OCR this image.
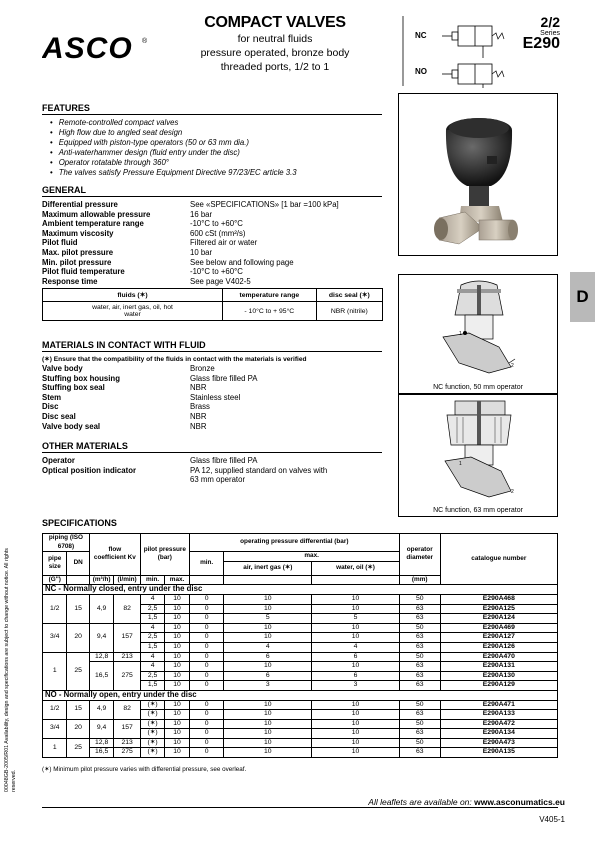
ASCO ®
COMPACT VALVES
for neutral fluids
pressure operated, bronze body
threaded ports, 1/2 to 1
NC
NO
2/2
Series
E290
FEATURES
• Remote-controlled compact valves
• High flow due to angled seat design
• Equipped with piston-type operators (50 or 63 mm dia.)
• Anti-waterhammer design (fluid entry under the disc)
• Operator rotatable through 360°
• The valves satisfy Pressure Equipment Directive 97/23/EC article 3.3
GENERAL
Differential pressure	See «SPECIFICATIONS» [1 bar =100 kPa]
Maximum allowable pressure	16 bar
Ambient temperature range	-10°C to +60°C
Maximum viscosity	600 cSt (mm²/s)
Pilot fluid	Filtered air or water
Max. pilot pressure	10 bar
Min. pilot pressure	See below and following page
Pilot fluid temperature	-10°C to +60°C
Response time	See page V402-5
fluids (✶)	temperature range	disc seal (✶)
water, air, inert gas, oil, hot water	- 10°C to + 95°C	NBR (nitrile)
MATERIALS IN CONTACT WITH FLUID
(✶) Ensure that the compatibility of the fluids in contact with the materials is verified
Valve body	Bronze
Stuffing box housing	Glass fibre filled PA
Stuffing box seal	NBR
Stem	Stainless steel
Disc	Brass
Disc seal	NBR
Valve body seal	NBR
OTHER MATERIALS
Operator	Glass fibre filled PA
Optical position indicator	PA 12, supplied standard on valves with 63 mm operator
D
1
2
NC function, 50 mm operator
1
2
NC function, 63 mm operator
SPECIFICATIONS
piping (ISO 6708)		flow coefficient Kv		pilot pressure (bar)		operating pressure differential (bar)			operator diameter	catalogue number
pipe size	DN					min.	max.			
							air, inert gas (✶)	water, oil (✶)		
(G")		(m³/h)	(l/min)	min.	max.				(mm)	
NC - Normally closed, entry under the disc										
1/2	15	4,9	82	4	10	0	10	10	50	E290A468
				2,5	10	0	10	10	63	E290A125
				1,5	10	0	5	5	63	E290A124
3/4	20	9,4	157	4	10	0	10	10	50	E290A469
				2,5	10	0	10	10	63	E290A127
				1,5	10	0	4	4	63	E290A126
1	25	12,8	213	4	10	0	6	6	50	E290A470
		16,5	275	4	10	0	10	10	63	E290A131
				2,5	10	0	6	6	63	E290A130
				1,5	10	0	3	3	63	E290A129
NO - Normally open, entry under the disc										
1/2	15	4,9	82	(✶)	10	0	10	10	50	E290A471
				(✶)	10	0	10	10	63	E290A133
3/4	20	9,4	157	(✶)	10	0	10	10	50	E290A472
				(✶)	10	0	10	10	63	E290A134
1	25	12,8	213	(✶)	10	0	10	10	50	E290A473
		16,5	275	(✶)	10	0	10	10	63	E290A135
(✶) Minimum pilot pressure varies with differential pressure, see overleaf.
00048GB-2005/R01 Availability, design and specifications are subject to change without notice. All rights reserved.
All leaflets are available on: www.asconumatics.eu
V405-1
